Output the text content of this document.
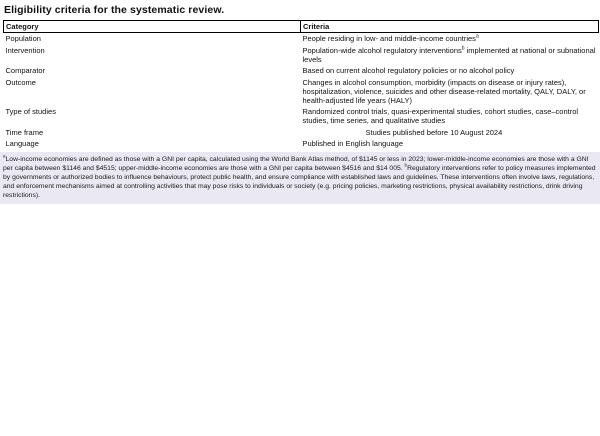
Eligibility criteria for the systematic review.
Category	Criteria
Population	People residing in low- and middle-income countries$^a$
Intervention	Population-wide alcohol regulatory interventions$^b$ implemented at national or subnational levels
Comparator	Based on current alcohol regulatory policies or no alcohol policy
Outcome	Changes in alcohol consumption, morbidity (impacts on disease or injury rates), hospitalization, violence, suicides and other disease-related mortality, QALY, DALY, or health-adjusted life years (HALY)
Type of studies	Randomized control trials, quasi-experimental studies, cohort studies, case–control studies, time series, and qualitative studies
Time frame	Studies published before 10 August 2024
Language	Published in English language
$^a$Low-income economies are defined as those with a GNI per capita, calculated using the World Bank Atlas method, of $1145 or less in 2023; lower-middle-income economies are those with a GNI per capita between $1146 and $4515; upper-middle-income economies are those with a GNI per capita between $4516 and $14 005. $^b$Regulatory interventions refer to policy measures implemented by governments or authorized bodies to influence behaviours, protect public health, and ensure compliance with established laws and guidelines. These interventions often involve laws, regulations, and enforcement mechanisms aimed at controlling activities that may pose risks to individuals or society (e.g. pricing policies, marketing restrictions, physical availability restrictions, drink driving restrictions).
